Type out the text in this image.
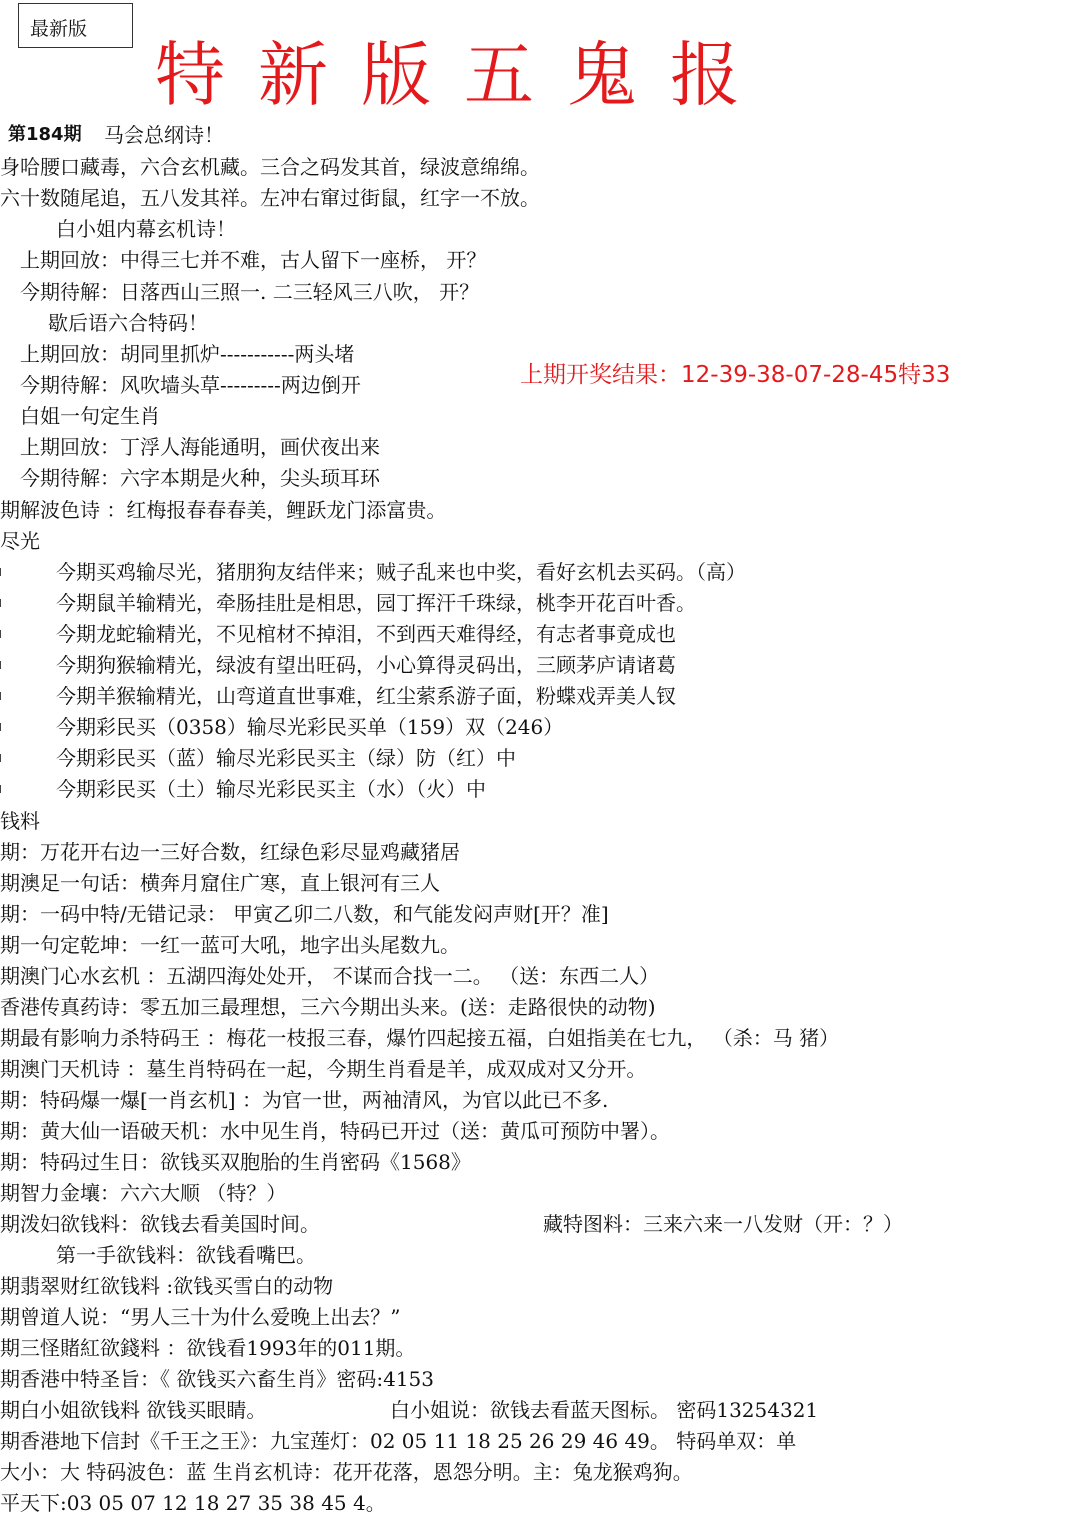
最新版
特新版五鬼报
第184期
上期开奖结果：12-39-38-07-28-45特33
马会总纲诗！
身哈腰口藏毒，六合玄机藏。三合之码发其首，绿波意绵绵。
六十数随尾追，五八发其祥。左冲右窜过街鼠，红字一不放。
白小姐内幕玄机诗！
上期回放：中得三七并不难，古人留下一座桥， 开？
今期待解：日落西山三照一. 二三轻风三八吹， 开？
歇后语六合特码！
上期回放：胡同里抓炉-----------两头堵
今期待解：风吹墙头草---------两边倒开
白姐一句定生肖
上期回放：丁浮人海能通明，画伏夜出来
今期待解：六字本期是火种，尖头顼耳环
期解波色诗 ：红梅报春春春美，鲤跃龙门添富贵。
尽光
今期买鸡输尽光，猪朋狗友结伴来；贼子乱来也中奖，看好玄机去买码。（高）
今期鼠羊输精光，牵肠挂肚是相思，园丁挥汗千珠绿，桃李开花百叶香。
今期龙蛇输精光，不见棺材不掉泪，不到西天难得经，有志者事竟成也
今期狗猴输精光，绿波有望出旺码，小心算得灵码出，三顾茅庐请诸葛
今期羊猴输精光，山弯道直世事难，红尘萦系游子面，粉蝶戏弄美人钗
今期彩民买（0358）输尽光彩民买单（159）双（246）
今期彩民买（蓝）输尽光彩民买主（绿）防（红）中
今期彩民买（土）输尽光彩民买主（水）（火）中
钱料
期：万花开右边一三好合数，红绿色彩尽显鸡藏猪居
期澳足一句话：横奔月窟住广寒，直上银河有三人
期：一码中特/无错记录： 甲寅乙卯二八数，和气能发闷声财[开？准]
期一句定乾坤：一红一蓝可大吼，地字出头尾数九。
期澳门心水玄机 ：五湖四海处处开， 不谋而合找一二。 （送：东西二人）
香港传真药诗：零五加三最理想，三六今期出头来。(送：走路很快的动物)
期最有影响力杀特码王 ：梅花一枝报三春，爆竹四起接五福，白姐指美在七九， （杀：马 猪）
期澳门天机诗 ：墓生肖特码在一起，今期生肖看是羊，成双成对又分开。
期：特码爆一爆[一肖玄机] ：为官一世，两袖清风，为官以此已不多.
期：黄大仙一语破天机：水中见生肖，特码已开过（送：黄瓜可预防中署）。
期：特码过生日：欲钱买双胞胎的生肖密码《1568》
期智力金壤：六六大顺 （特？）
期泼妇欲钱料：欲钱去看美国时间。	藏特图料：三来六来一八发财（开：？）
第一手欲钱料：欲钱看嘴巴。
期翡翠财红欲钱料 :欲钱买雪白的动物
期曾道人说：“男人三十为什么爱晚上出去？”
期三怪賭紅欲錢料 ：欲钱看1993年的011期。
期香港中特圣旨：《 欲钱买六畜生肖》密码:4153
期白小姐欲钱料 欲钱买眼睛。	白小姐说：欲钱去看蓝天图标。 密码13254321
期香港地下信封《千王之王》：九宝莲灯：02 05 11 18 25 26 29 46 49。 特码单双：单
大小：大 特码波色：蓝 生肖玄机诗：花开花落，恩怨分明。主：兔龙猴鸡狗。
平天下:03 05 07 12 18 27 35 38 45 4。
